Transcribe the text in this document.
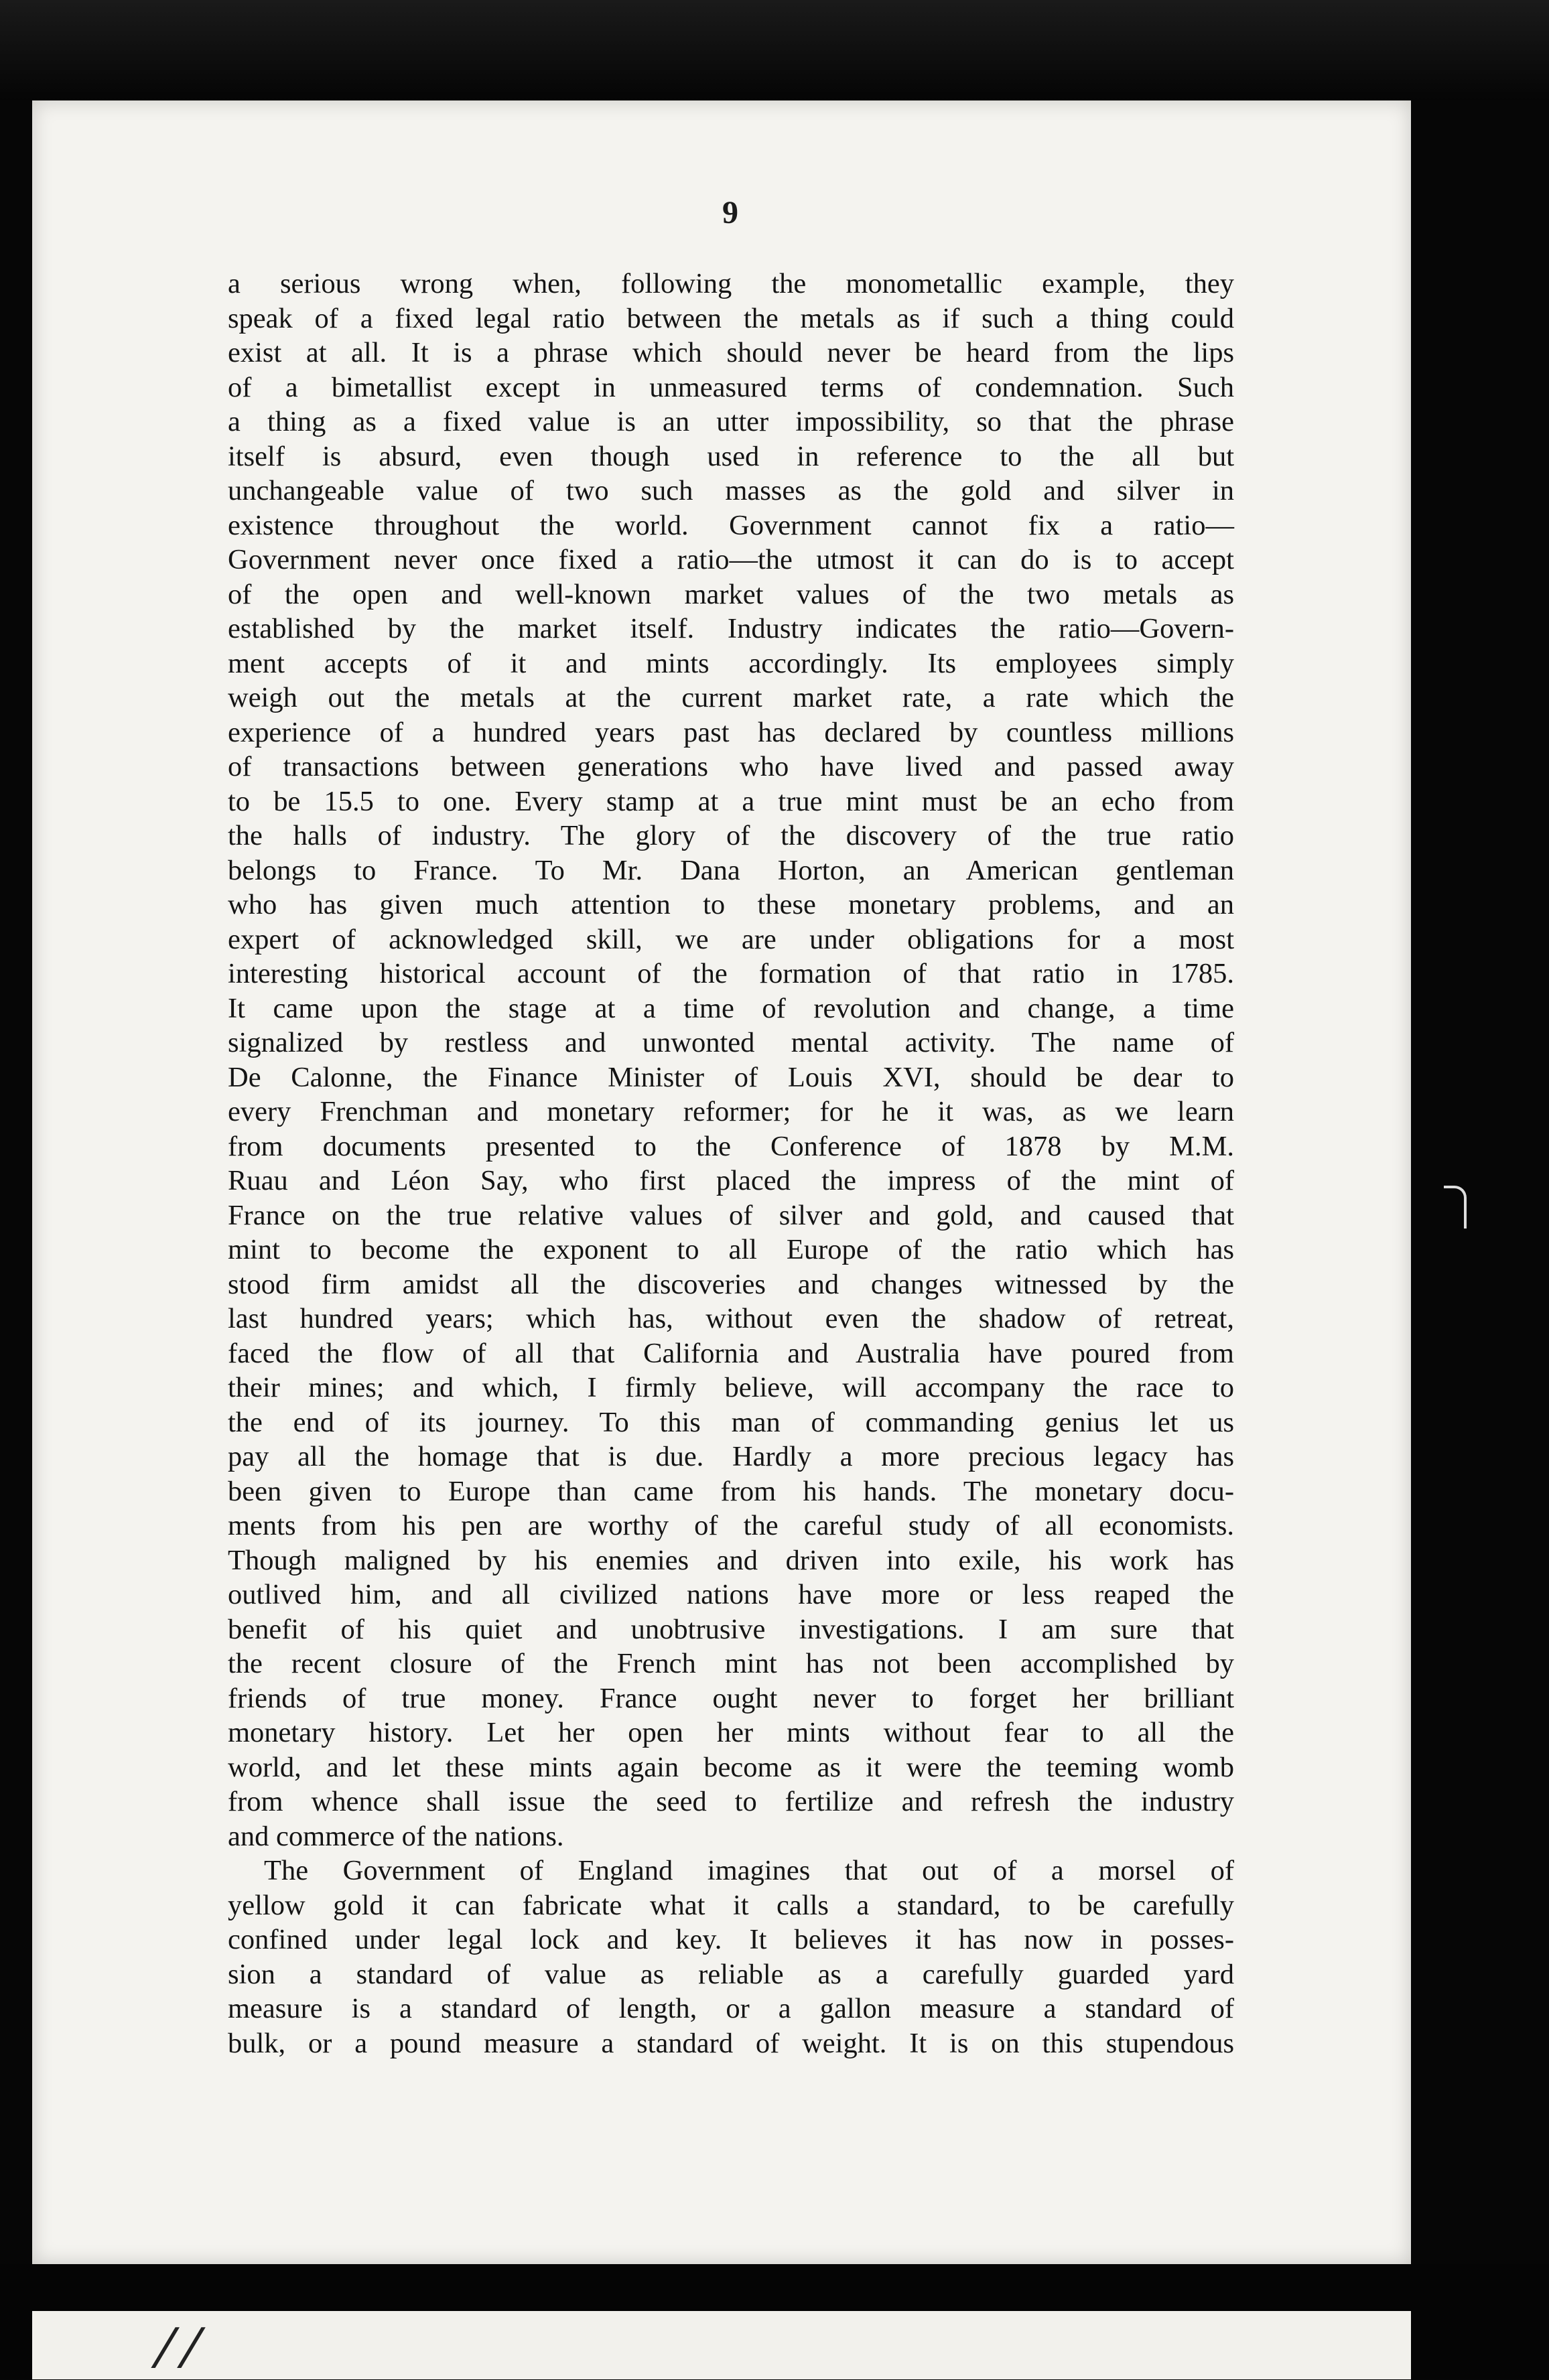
9
a serious wrong when, following the monometallic example, they
speak of a fixed legal ratio between the metals as if such a thing could
exist at all. It is a phrase which should never be heard from the lips
of a bimetallist except in unmeasured terms of condemnation. Such
a thing as a fixed value is an utter impossibility, so that the phrase
itself is absurd, even though used in reference to the all but
unchangeable value of two such masses as the gold and silver in
existence throughout the world. Government cannot fix a ratio—
Government never once fixed a ratio—the utmost it can do is to accept
of the open and well-known market values of the two metals as
established by the market itself. Industry indicates the ratio—Govern-
ment accepts of it and mints accordingly. Its employees simply
weigh out the metals at the current market rate, a rate which the
experience of a hundred years past has declared by countless millions
of transactions between generations who have lived and passed away
to be 15.5 to one. Every stamp at a true mint must be an echo from
the halls of industry. The glory of the discovery of the true ratio
belongs to France. To Mr. Dana Horton, an American gentleman
who has given much attention to these monetary problems, and an
expert of acknowledged skill, we are under obligations for a most
interesting historical account of the formation of that ratio in 1785.
It came upon the stage at a time of revolution and change, a time
signalized by restless and unwonted mental activity. The name of
De Calonne, the Finance Minister of Louis XVI, should be dear to
every Frenchman and monetary reformer; for he it was, as we learn
from documents presented to the Conference of 1878 by M.M.
Ruau and Léon Say, who first placed the impress of the mint of
France on the true relative values of silver and gold, and caused that
mint to become the exponent to all Europe of the ratio which has
stood firm amidst all the discoveries and changes witnessed by the
last hundred years; which has, without even the shadow of retreat,
faced the flow of all that California and Australia have poured from
their mines; and which, I firmly believe, will accompany the race to
the end of its journey. To this man of commanding genius let us
pay all the homage that is due. Hardly a more precious legacy has
been given to Europe than came from his hands. The monetary docu-
ments from his pen are worthy of the careful study of all economists.
Though maligned by his enemies and driven into exile, his work has
outlived him, and all civilized nations have more or less reaped the
benefit of his quiet and unobtrusive investigations. I am sure that
the recent closure of the French mint has not been accomplished by
friends of true money. France ought never to forget her brilliant
monetary history. Let her open her mints without fear to all the
world, and let these mints again become as it were the teeming womb
from whence shall issue the seed to fertilize and refresh the industry
and commerce of the nations.
The Government of England imagines that out of a morsel of
yellow gold it can fabricate what it calls a standard, to be carefully
confined under legal lock and key. It believes it has now in posses-
sion a standard of value as reliable as a carefully guarded yard
measure is a standard of length, or a gallon measure a standard of
bulk, or a pound measure a standard of weight. It is on this stupendous
⁄ ⁄
